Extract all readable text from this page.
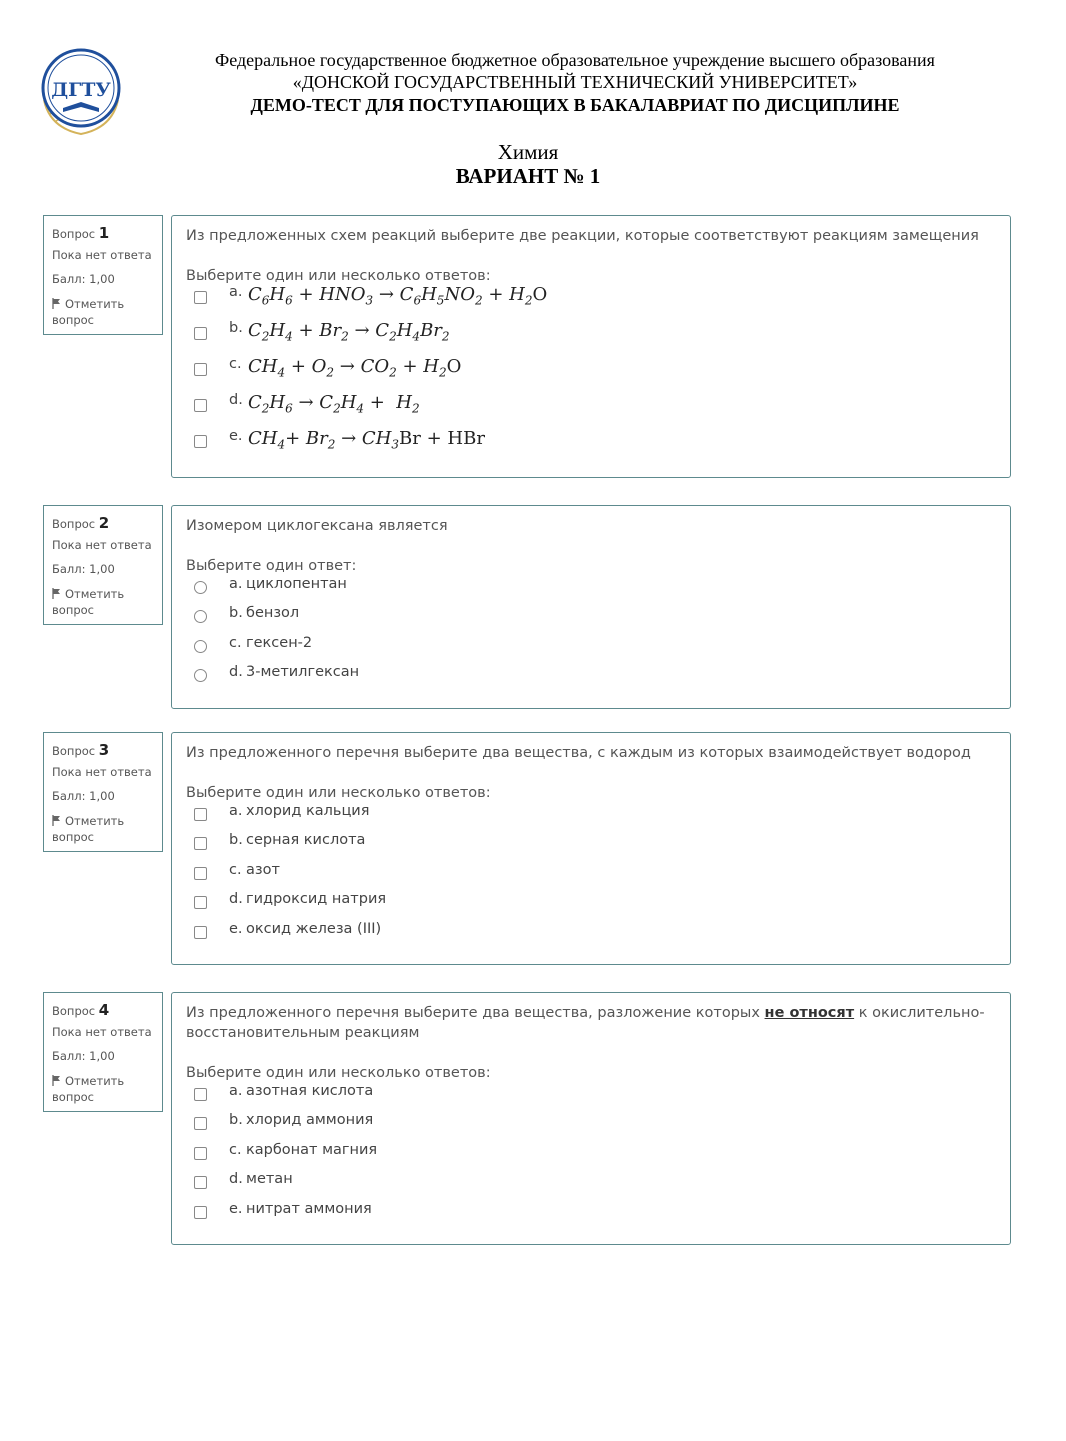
ДГТУ
Федеральное государственное бюджетное образовательное учреждение высшего образования
«ДОНСКОЙ ГОСУДАРСТВЕННЫЙ ТЕХНИЧЕСКИЙ УНИВЕРСИТЕТ»
ДЕМО-ТЕСТ ДЛЯ ПОСТУПАЮЩИХ В БАКАЛАВРИАТ ПО ДИСЦИПЛИНЕ
Химия
ВАРИАНТ № 1
Вопрос 1
Пока нет ответа
Балл: 1,00
Отметить
вопрос
Из предложенных схем реакций выберите две реакции, которые соответствуют реакциям замещения
Выберите один или несколько ответов:
a. $C_6H_6 + HNO_3 \to C_6H_5NO_2 + H_2O$
b. $C_2H_4 + Br_2 \to C_2H_4Br_2$
c. $CH_4 + O_2 \to CO_2 + H_2O$
d. $C_2H_6 \to C_2H_4 + H_2$
e. $CH_4+ Br_2 \to CH_3Br$ + HBr
Вопрос 2
Пока нет ответа
Балл: 1,00
Отметить
вопрос
Изомером циклогексана является
Выберите один ответ:
a. циклопентан
b. бензол
c. гексен-2
d. 3-метилгексан
Вопрос 3
Пока нет ответа
Балл: 1,00
Отметить
вопрос
Из предложенного перечня выберите два вещества, с каждым из которых взаимодействует водород
Выберите один или несколько ответов:
a. хлорид кальция
b. серная кислота
c. азот
d. гидроксид натрия
e. оксид железа (III)
Вопрос 4
Пока нет ответа
Балл: 1,00
Отметить
вопрос
Из предложенного перечня выберите два вещества, разложение которых не относят к окислительно-
восстановительным реакциям
Выберите один или несколько ответов:
a. азотная кислота
b. хлорид аммония
c. карбонат магния
d. метан
e. нитрат аммония
